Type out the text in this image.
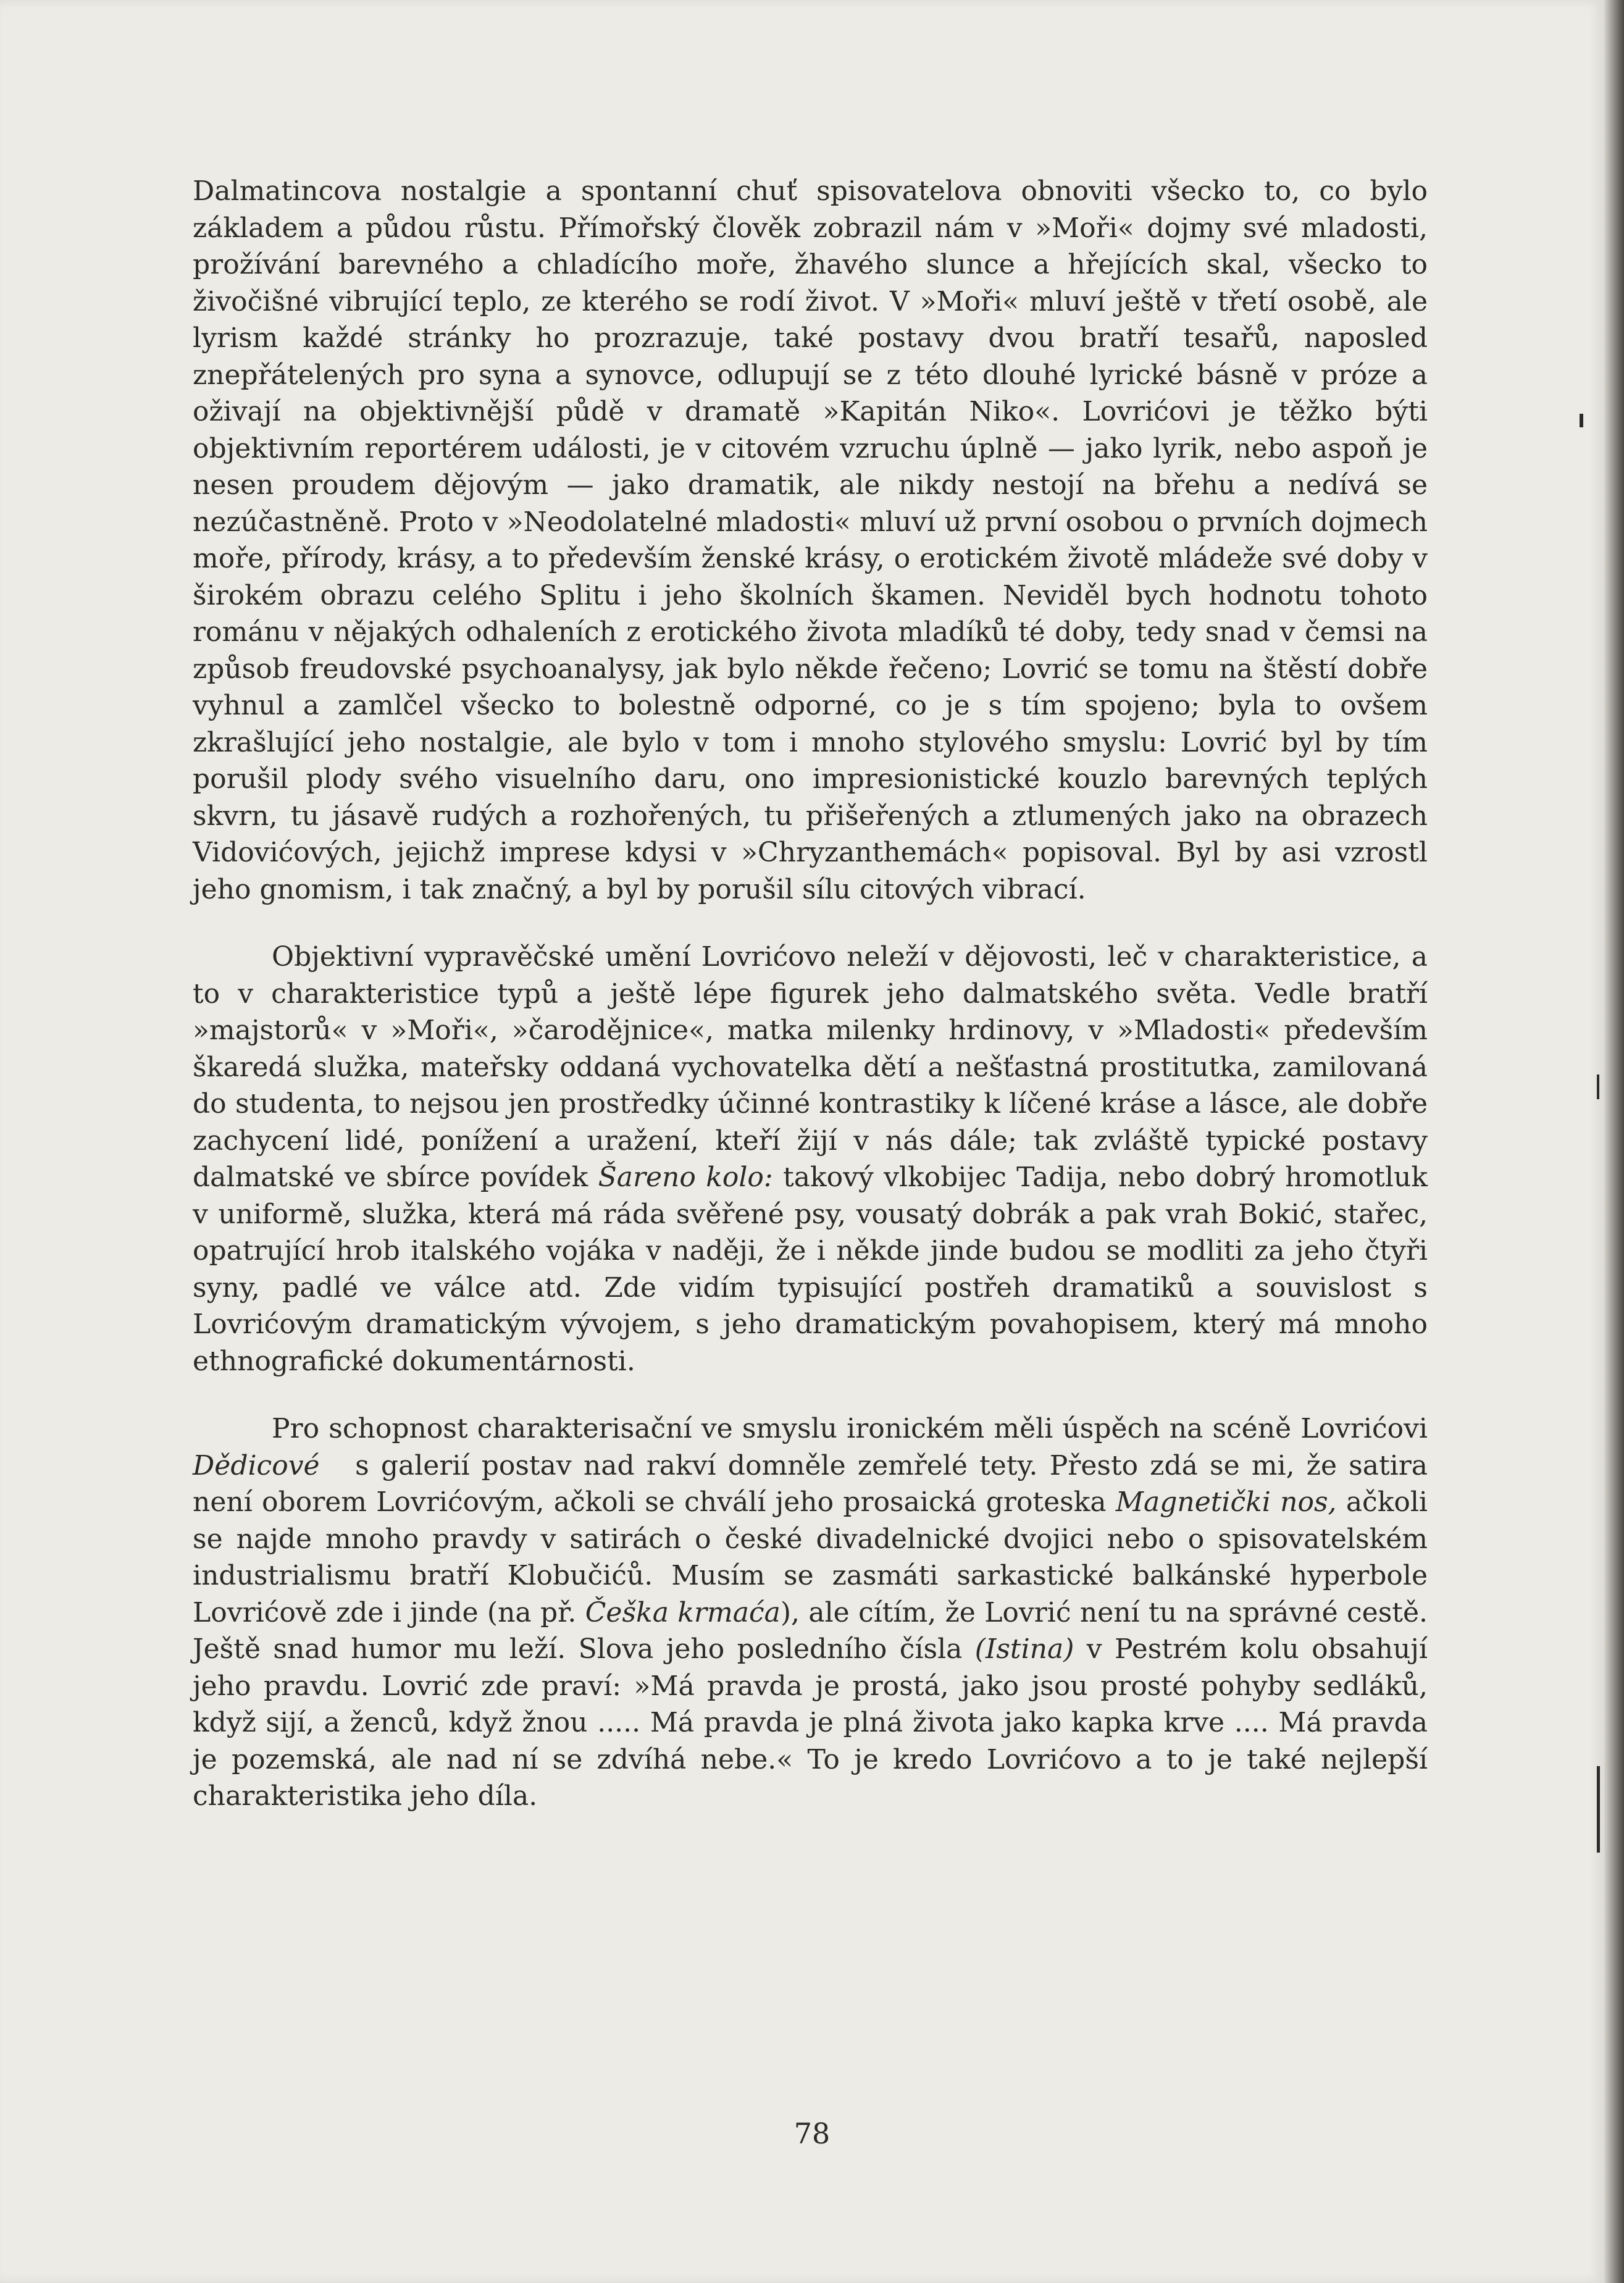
Dalmatincova nostalgie a spontanní chuť spisovatelova obnoviti všecko to, co bylo základem a půdou růstu. Přímořský člověk zobrazil nám v »Moři« dojmy své mladosti, prožívání barevného a chladícího moře, žhavého slunce a hřejících skal, všecko to živočišné vibrující teplo, ze kterého se rodí život. V »Moři« mluví ještě v třetí osobě, ale lyrism každé stránky ho prozrazuje, také postavy dvou bratří tesařů, naposled znepřátelených pro syna a synovce, odlupují se z této dlouhé lyrické básně v próze a oživají na objektivnější půdě v dramatě »Kapitán Niko«. Lovrićovi je těžko býti objektivním reportérem události, je v citovém vzruchu úplně — jako lyrik, nebo aspoň je nesen proudem dějovým — jako dramatik, ale nikdy nestojí na břehu a nedívá se nezúčastněně. Proto v »Neodolatelné mladosti« mluví už první osobou o prvních dojmech moře, přírody, krásy, a to především ženské krásy, o erotickém životě mládeže své doby v širokém obrazu celého Splitu i jeho školních škamen. Neviděl bych hodnotu tohoto románu v nějakých odhaleních z erotického života mladíků té doby, tedy snad v čemsi na způsob freudovské psychoanalysy, jak bylo někde řečeno; Lovrić se tomu na štěstí dobře vyhnul a zamlčel všecko to bolestně odporné, co je s tím spojeno; byla to ovšem zkrašlující jeho nostalgie, ale bylo v tom i mnoho stylového smyslu: Lovrić byl by tím porušil plody svého visuelního daru, ono impresionistické kouzlo barevných teplých skvrn, tu jásavě rudých a rozhořených, tu přišeřených a ztlumených jako na obrazech Vidovićových, jejichž imprese kdysi v »Chryzanthemách« popisoval. Byl by asi vzrostl jeho gnomism, i tak značný, a byl by porušil sílu citových vibrací.

Objektivní vypravěčské umění Lovrićovo neleží v dějovosti, leč v charakteristice, a to v charakteristice typů a ještě lépe figurek jeho dalmatského světa. Vedle bratří »majstorů« v »Moři«, »čarodějnice«, matka milenky hrdinovy, v »Mladosti« především škaredá služka, mateřsky oddaná vychovatelka dětí a nešťastná prostitutka, zamilovaná do studenta, to nejsou jen prostředky účinné kontrastiky k líčené kráse a lásce, ale dobře zachycení lidé, ponížení a uražení, kteří žijí v nás dále; tak zvláště typické postavy dalmatské ve sbírce povídek Šareno kolo: takový vlkobijec Tadija, nebo dobrý hromotluk v uniformě, služka, která má ráda svěřené psy, vousatý dobrák a pak vrah Bokić, stařec, opatrující hrob italského vojáka v naději, že i někde jinde budou se modliti za jeho čtyři syny, padlé ve válce atd. Zde vidím typisující postřeh dramatiků a souvislost s Lovrićovým dramatickým vývojem, s jeho dramatickým povahopisem, který má mnoho ethnografické dokumentárnosti.

Pro schopnost charakterisační ve smyslu ironickém měli úspěch na scéně Lovrićovi Dědicové s galerií postav nad rakví domněle zemřelé tety. Přesto zdá se mi, že satira není oborem Lovrićovým, ačkoli se chválí jeho prosaická groteska Magnetički nos, ačkoli se najde mnoho pravdy v satirách o české divadelnické dvojici nebo o spisovatelském industrialismu bratří Klobučićů. Musím se zasmáti sarkastické balkánské hyperbole Lovrićově zde i jinde (na př. Češka krmaća), ale cítím, že Lovrić není tu na správné cestě. Ještě snad humor mu leží. Slova jeho posledního čísla (Istina) v Pestrém kolu obsahují jeho pravdu. Lovrić zde praví: »Má pravda je prostá, jako jsou prosté pohyby sedláků, když sijí, a ženců, když žnou ..... Má pravda je plná života jako kapka krve .... Má pravda je pozemská, ale nad ní se zdvíhá nebe.« To je kredo Lovrićovo a to je také nejlepší charakteristika jeho díla.

78
